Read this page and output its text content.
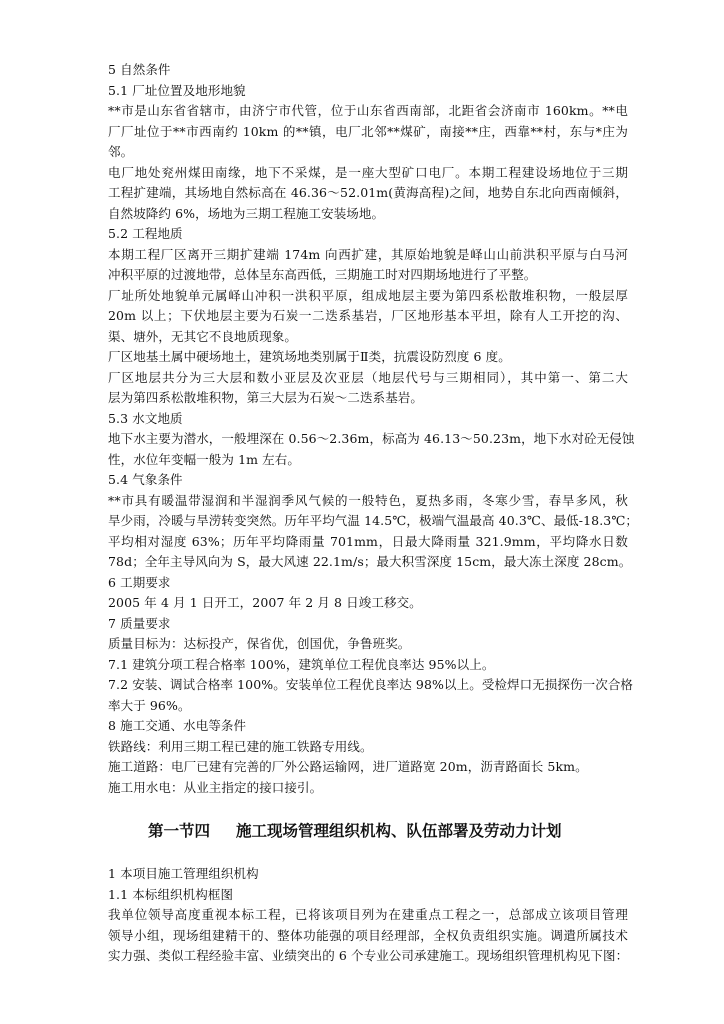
5 自然条件
5.1 厂址位置及地形地貌
**市是山东省省辖市，由济宁市代管，位于山东省西南部，北距省会济南市 160km。**电
厂厂址位于**市西南约 10km 的**镇，电厂北邻**煤矿，南接**庄，西靠**村，东与*庄为
邻。
电厂地处兖州煤田南缘，地下不采煤，是一座大型矿口电厂。本期工程建设场地位于三期
工程扩建端，其场地自然标高在 46.36～52.01m(黄海高程)之间，地势自东北向西南倾斜，
自然坡降约 6%，场地为三期工程施工安装场地。
5.2 工程地质
本期工程厂区离开三期扩建端 174m 向西扩建，其原始地貌是峄山山前洪积平原与白马河
冲积平原的过渡地带，总体呈东高西低，三期施工时对四期场地进行了平整。
厂址所处地貌单元属峄山冲积一洪积平原，组成地层主要为第四系松散堆积物，一般层厚
20m 以上；下伏地层主要为石炭一二迭系基岩，厂区地形基本平坦，除有人工开挖的沟、
渠、塘外，无其它不良地质现象。
厂区地基土属中硬场地土，建筑场地类别属于Ⅱ类，抗震设防烈度 6 度。
厂区地层共分为三大层和数小亚层及次亚层（地层代号与三期相同），其中第一、第二大
层为第四系松散堆积物，第三大层为石炭～二迭系基岩。
5.3 水文地质
地下水主要为潜水，一般埋深在 0.56～2.36m，标高为 46.13～50.23m，地下水对砼无侵蚀
性，水位年变幅一般为 1m 左右。
5.4 气象条件
**市具有暖温带湿润和半湿润季风气候的一般特色，夏热多雨，冬寒少雪，春旱多风，秋
旱少雨，冷暖与旱涝转变突然。历年平均气温 14.5℃，极端气温最高 40.3℃、最低-18.3℃；
平均相对湿度 63%；历年平均降雨量 701mm，日最大降雨量 321.9mm，平均降水日数
78d；全年主导风向为 S，最大风速 22.1m/s；最大积雪深度 15cm，最大冻土深度 28cm。
6 工期要求
2005 年 4 月 1 日开工，2007 年 2 月 8 日竣工移交。
7 质量要求
质量目标为：达标投产，保省优，创国优，争鲁班奖。
7.1 建筑分项工程合格率 100%，建筑单位工程优良率达 95%以上。
7.2 安装、调试合格率 100%。安装单位工程优良率达 98%以上。受检焊口无损探伤一次合格
率大于 96%。
8 施工交通、水电等条件
铁路线：利用三期工程已建的施工铁路专用线。
施工道路：电厂已建有完善的厂外公路运输网，进厂道路宽 20m，沥青路面长 5km。
施工用水电：从业主指定的接口接引。
第一节四 施工现场管理组织机构、队伍部署及劳动力计划
1 本项目施工管理组织机构
1.1 本标组织机构框图
我单位领导高度重视本标工程，已将该项目列为在建重点工程之一，总部成立该项目管理
领导小组，现场组建精干的、整体功能强的项目经理部，全权负责组织实施。调遣所属技术
实力强、类似工程经验丰富、业绩突出的 6 个专业公司承建施工。现场组织管理机构见下图：
